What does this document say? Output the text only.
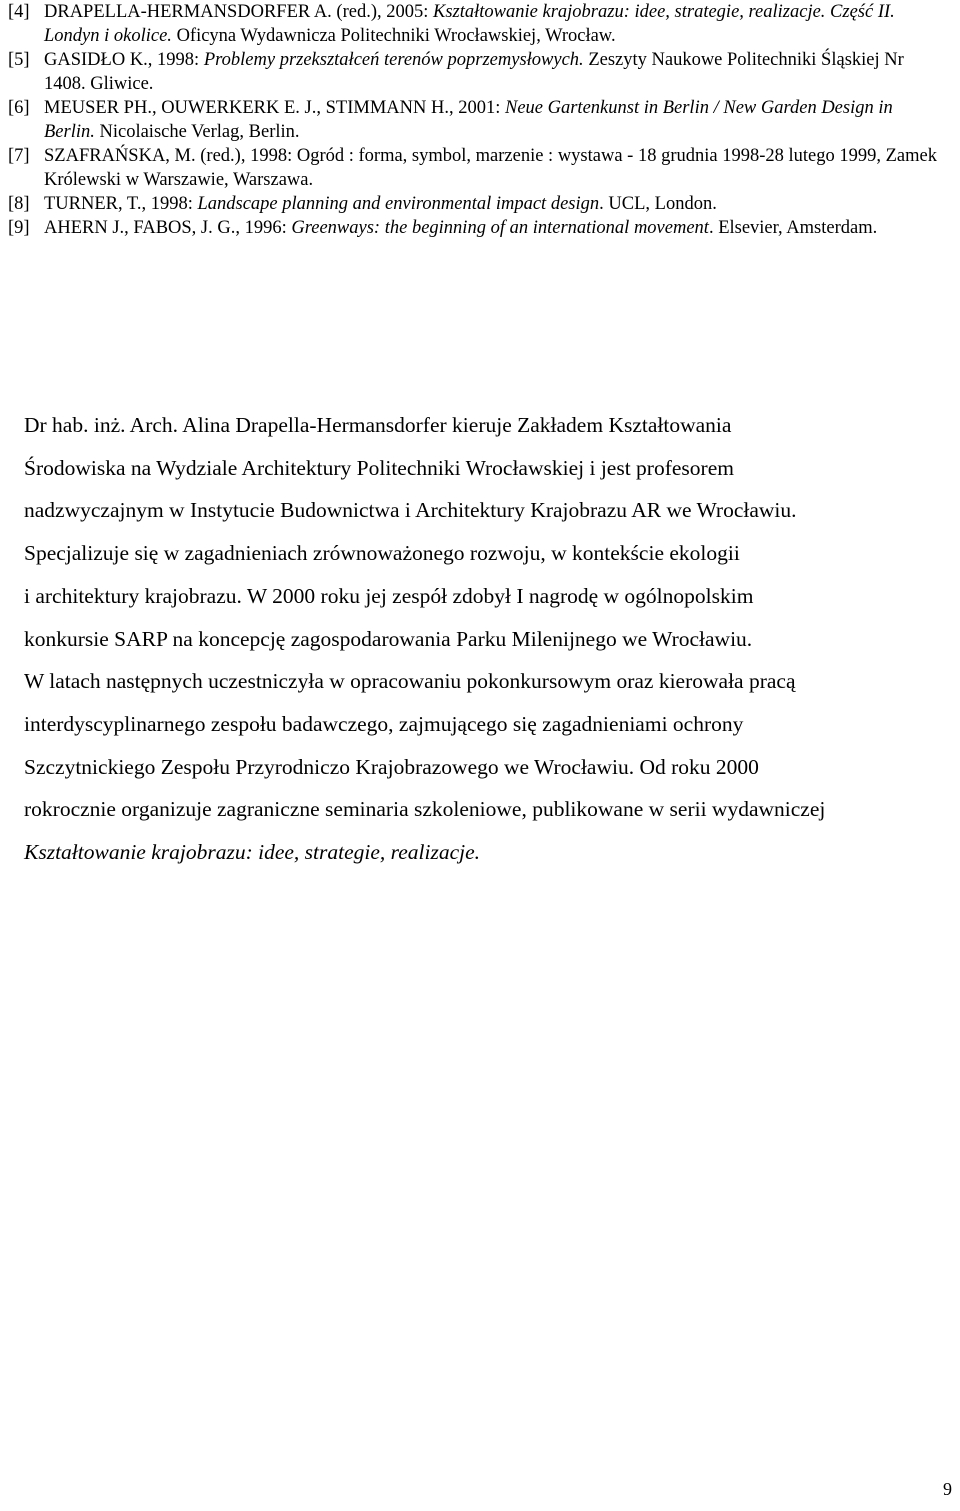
[4] DRAPELLA-HERMANSDORFER A. (red.), 2005: Kształtowanie krajobrazu: idee, strategie, realizacje. Część II. Londyn i okolice. Oficyna Wydawnicza Politechniki Wrocławskiej, Wrocław.
[5] GASIDŁO K., 1998: Problemy przekształceń terenów poprzemysłowych. Zeszyty Naukowe Politechniki Śląskiej Nr 1408. Gliwice.
[6] MEUSER PH., OUWERKERK E. J., STIMMANN H., 2001: Neue Gartenkunst in Berlin / New Garden Design in Berlin. Nicolaische Verlag, Berlin.
[7] SZAFRAŃSKA, M. (red.), 1998: Ogród : forma, symbol, marzenie : wystawa - 18 grudnia 1998-28 lutego 1999, Zamek Królewski w Warszawie, Warszawa.
[8] TURNER, T., 1998: Landscape planning and environmental impact design. UCL, London.
[9] AHERN J., FABOS, J. G., 1996: Greenways: the beginning of an international movement. Elsevier, Amsterdam.
Dr hab. inż. Arch. Alina Drapella-Hermansdorfer kieruje Zakładem Kształtowania
Środowiska na Wydziale Architektury Politechniki Wrocławskiej i jest profesorem
nadzwyczajnym w Instytucie Budownictwa i Architektury Krajobrazu AR we Wrocławiu.
Specjalizuje się w zagadnieniach zrównoważonego rozwoju, w kontekście ekologii
i architektury krajobrazu. W 2000 roku jej zespół zdobył I nagrodę w ogólnopolskim
konkursie SARP na koncepcję zagospodarowania Parku Milenijnego we Wrocławiu.
W latach następnych uczestniczyła w opracowaniu pokonkursowym oraz kierowała pracą
interdyscyplinarnego zespołu badawczego, zajmującego się zagadnieniami ochrony
Szczytnickiego Zespołu Przyrodniczo Krajobrazowego we Wrocławiu. Od roku 2000
rokrocznie organizuje zagraniczne seminaria szkoleniowe, publikowane w serii wydawniczej
Kształtowanie krajobrazu: idee, strategie, realizacje.
9
